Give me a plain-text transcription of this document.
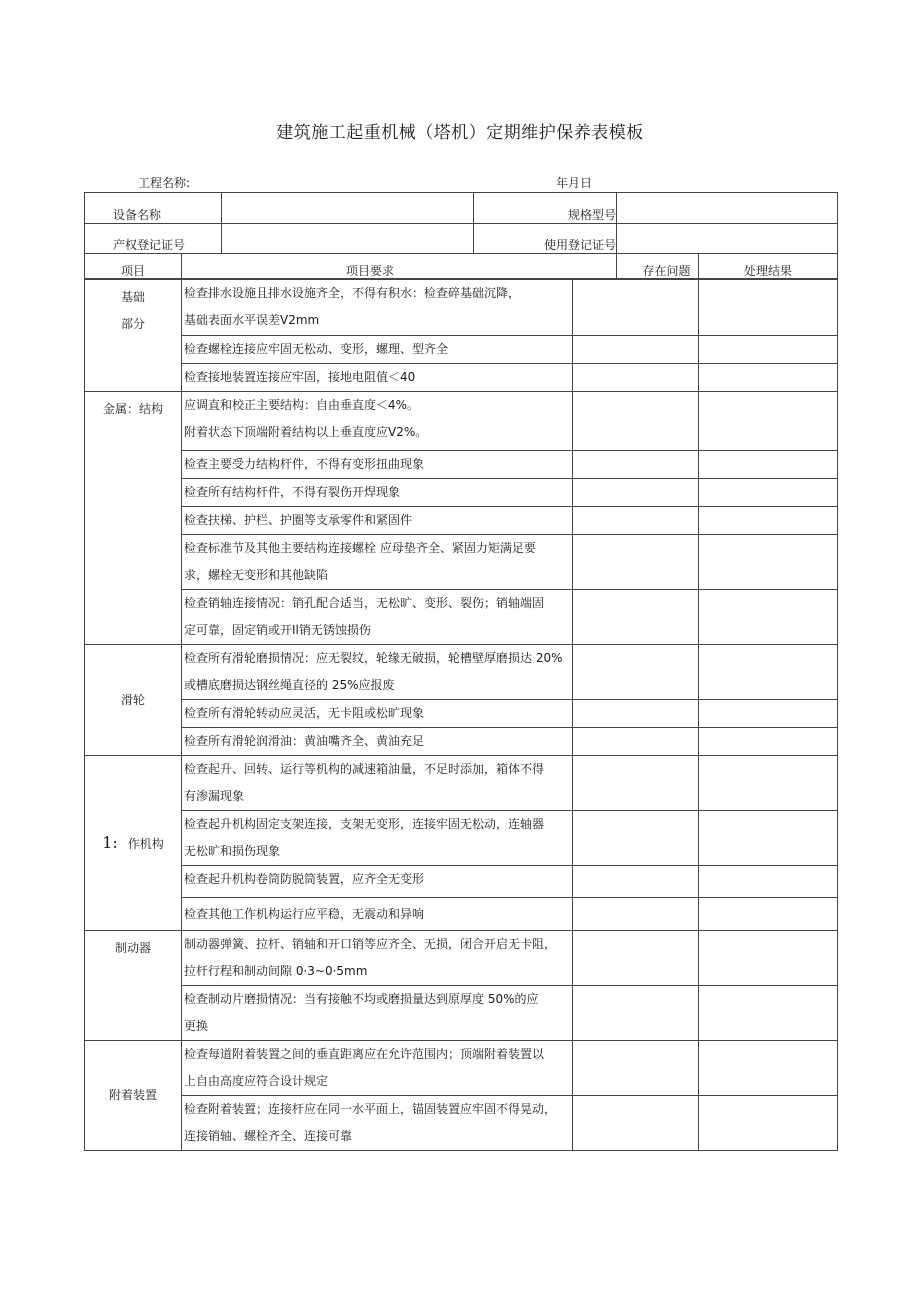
建筑施工起重机械（塔机）定期维护保养表模板
工程名称:	年月日
设备名称			规格型号		
产权登记证号			使用登记证号		
项目	项目要求			存在问题	处理结果
基础
部分	检查排水设施且排水设施齐全，不得有积水：检查碎基础沉降，
基础表面水平误差V2mm		
	检查螺栓连接应牢固无松动、变形，螺理、型齐全		
	检查接地装置连接应牢固，接地电阻值＜40		
金属：结构	应调直和校正主要结构：自由垂直度＜4%。
附着状态下顶端附着结构以上垂直度应V2%。		
	检查主要受力结构杆件，不得有变形扭曲现象		
	检查所有结构杆件，不得有裂伤开焊现象		
	检查扶梯、护栏、护圈等支承零件和紧固件		
	检查标准节及其他主要结构连接螺栓 应母垫齐全、紧固力矩满足要
求，螺栓无变形和其他缺陷		
	检查销轴连接情况：销孔配合适当，无松旷、变形、裂伤；销轴端固
定可靠，固定销或开Il销无锈蚀损伤		
滑轮	检查所有滑轮磨损情况：应无裂纹，轮缘无破损，轮槽壁厚磨损达 20%
或槽底磨损达钢丝绳直径的 25%应报废		
	检查所有滑轮转动应灵活，无卡阻或松旷现象		
	检查所有滑轮润滑油：黄油嘴齐全、黄油充足		
1: 作机构	检查起升、回转、运行等机构的减速箱油量，不足时添加，箱体不得
有渗漏现象		
	检查起升机构固定支架连接，支架无变形，连接牢固无松动，连轴器
无松旷和损伤现象		
	检查起升机构卷筒防脱筒装置，应齐全无变形		
	检查其他工作机构运行应平稳，无震动和异响		
制动器	制动器弹簧、拉杆、销轴和开口销等应齐全、无损，闭合开启无卡阻，
拉杆行程和制动间隙 0·3~0·5mm		
	检查制动片磨损情况：当有接触不均或磨损量达到原厚度 50%的应
更换		
附着装置	检查每道附着装置之间的垂直距离应在允许范围内；顶端附着装置以
上自由高度应符合设计规定		
	检查附着装置；连接杆应在同一水平面上，锚固装置应牢固不得晃动，
连接销轴、螺栓齐全、连接可靠		
